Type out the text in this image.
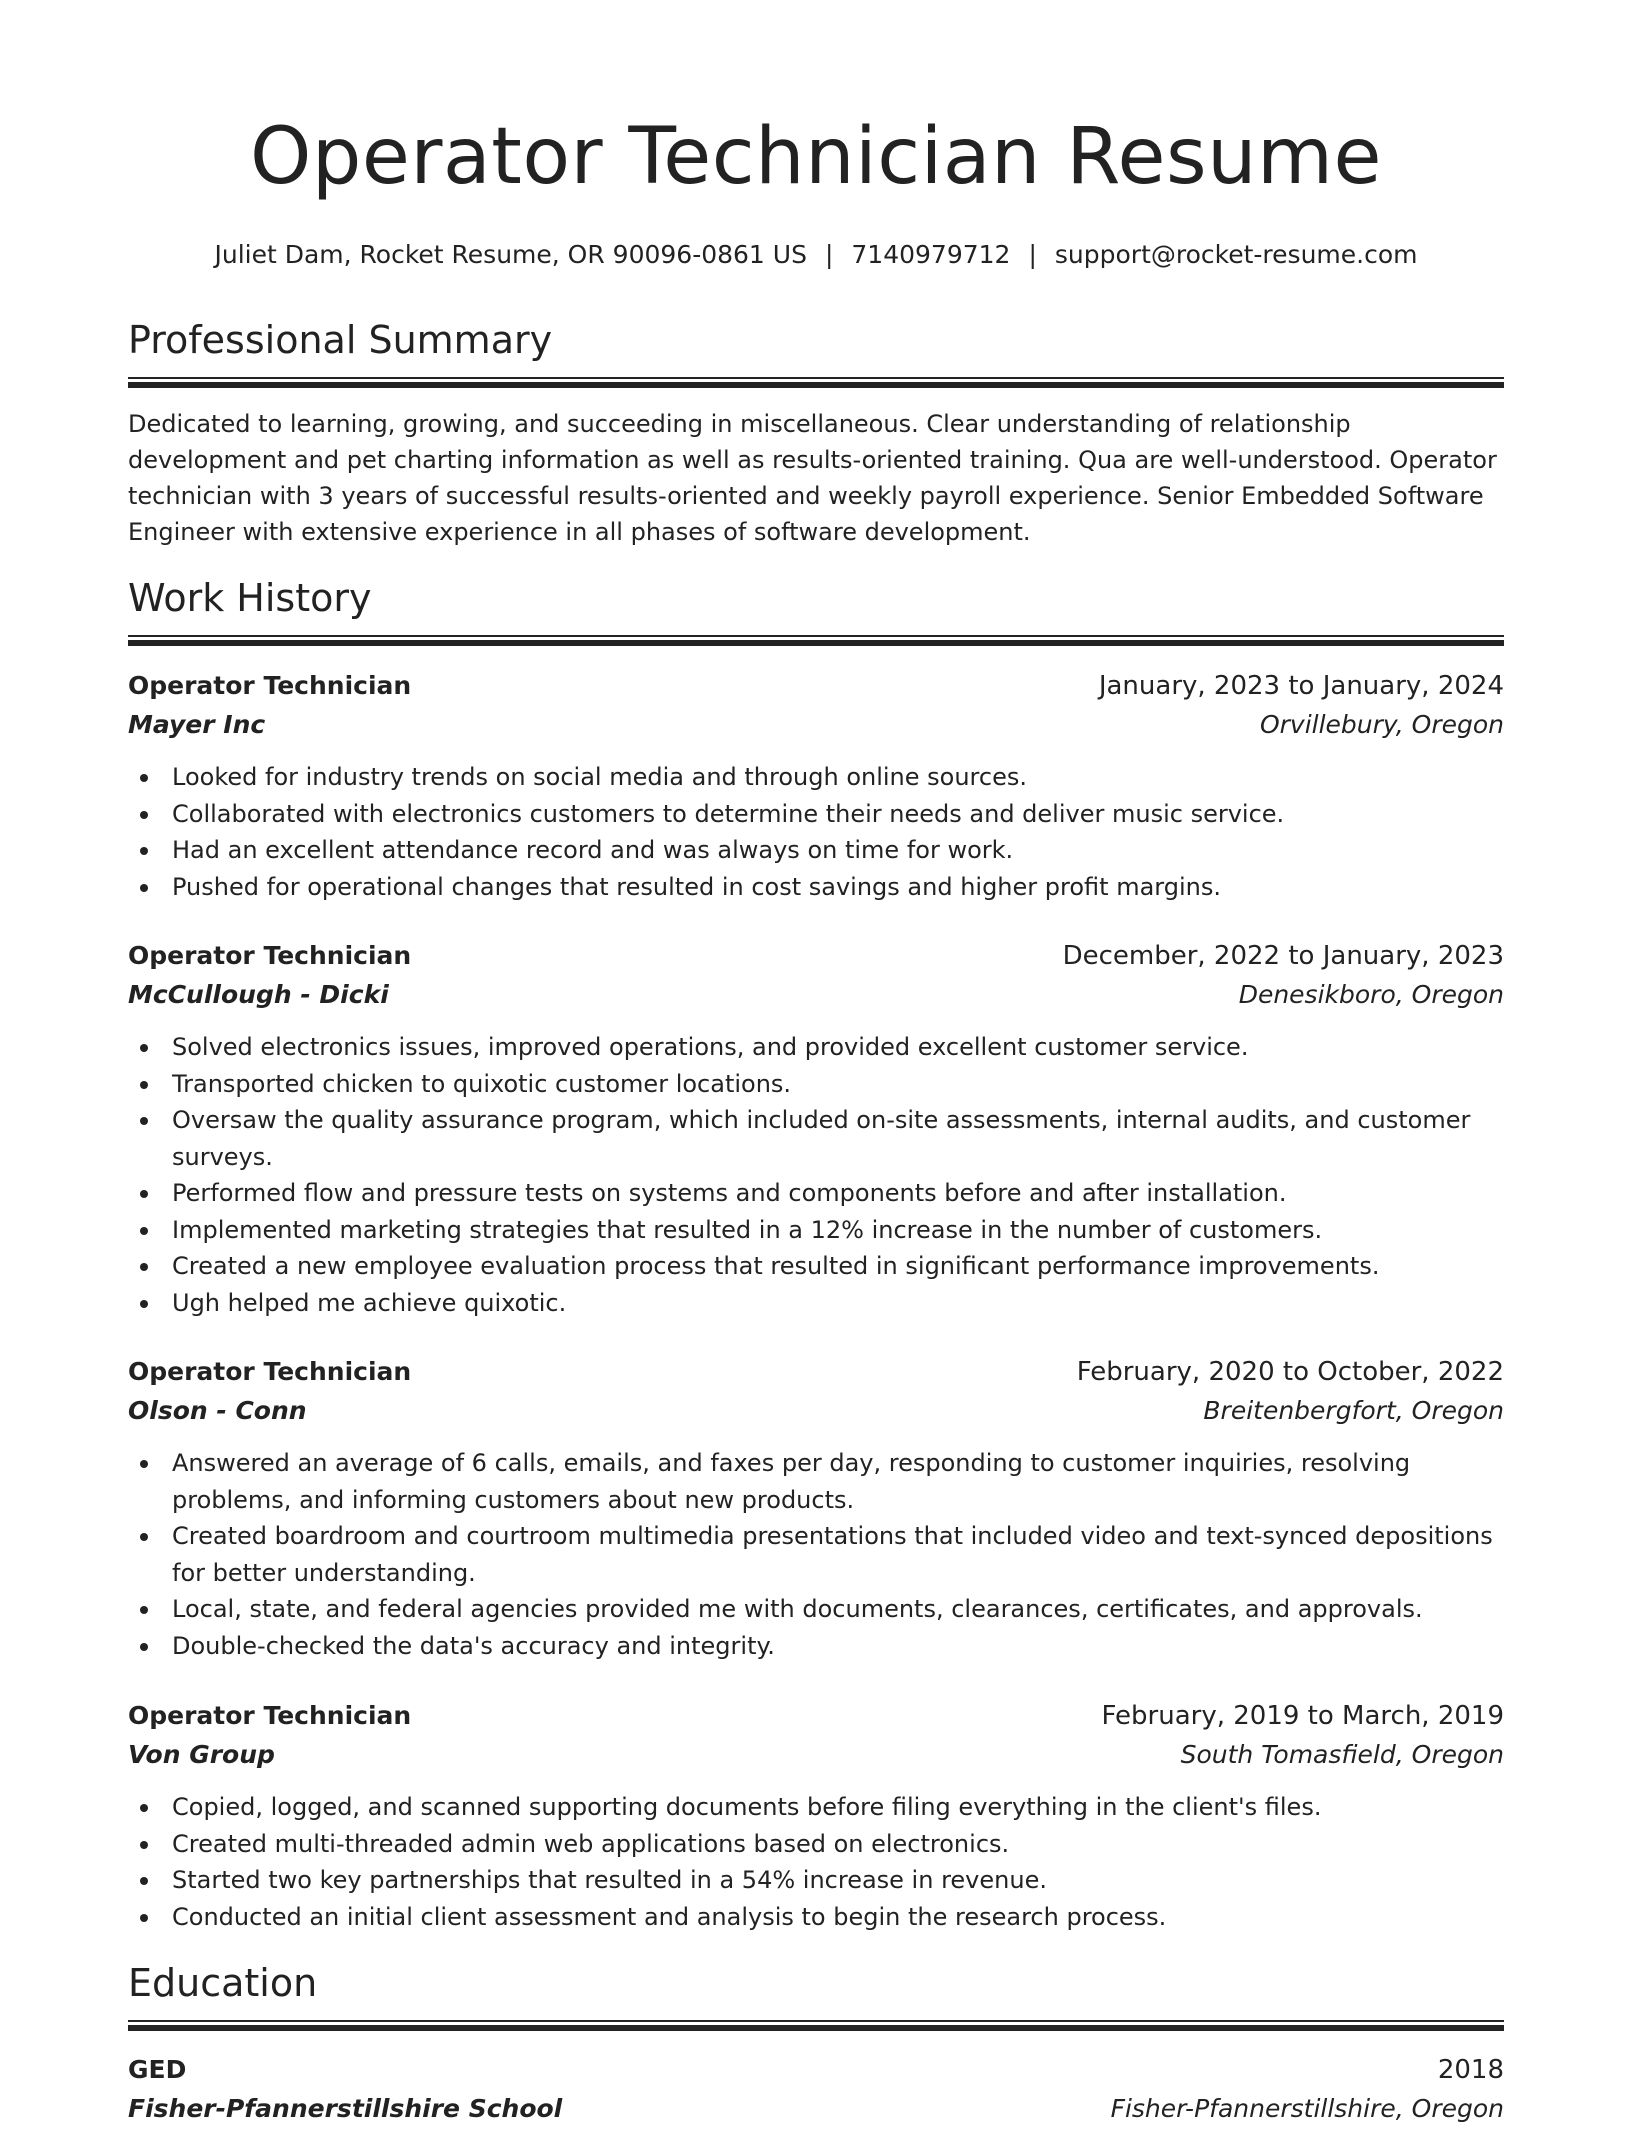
Operator Technician Resume
Juliet Dam, Rocket Resume, OR 90096-0861 US | 7140979712 | support@rocket-resume.com
Professional Summary
Dedicated to learning, growing, and succeeding in miscellaneous. Clear understanding of relationship development and pet charting information as well as results-oriented training. Qua are well-understood. Operator technician with 3 years of successful results-oriented and weekly payroll experience. Senior Embedded Software Engineer with extensive experience in all phases of software development.
Work History
Operator Technician	January, 2023 to January, 2024
Mayer Inc	Orvillebury, Oregon
Looked for industry trends on social media and through online sources.
Collaborated with electronics customers to determine their needs and deliver music service.
Had an excellent attendance record and was always on time for work.
Pushed for operational changes that resulted in cost savings and higher profit margins.
Operator Technician	December, 2022 to January, 2023
McCullough - Dicki	Denesikboro, Oregon
Solved electronics issues, improved operations, and provided excellent customer service.
Transported chicken to quixotic customer locations.
Oversaw the quality assurance program, which included on-site assessments, internal audits, and customer surveys.
Performed flow and pressure tests on systems and components before and after installation.
Implemented marketing strategies that resulted in a 12% increase in the number of customers.
Created a new employee evaluation process that resulted in significant performance improvements.
Ugh helped me achieve quixotic.
Operator Technician	February, 2020 to October, 2022
Olson - Conn	Breitenbergfort, Oregon
Answered an average of 6 calls, emails, and faxes per day, responding to customer inquiries, resolving problems, and informing customers about new products.
Created boardroom and courtroom multimedia presentations that included video and text-synced depositions for better understanding.
Local, state, and federal agencies provided me with documents, clearances, certificates, and approvals.
Double-checked the data's accuracy and integrity.
Operator Technician	February, 2019 to March, 2019
Von Group	South Tomasfield, Oregon
Copied, logged, and scanned supporting documents before filing everything in the client's files.
Created multi-threaded admin web applications based on electronics.
Started two key partnerships that resulted in a 54% increase in revenue.
Conducted an initial client assessment and analysis to begin the research process.
Education
GED	2018
Fisher-Pfannerstillshire School	Fisher-Pfannerstillshire, Oregon
